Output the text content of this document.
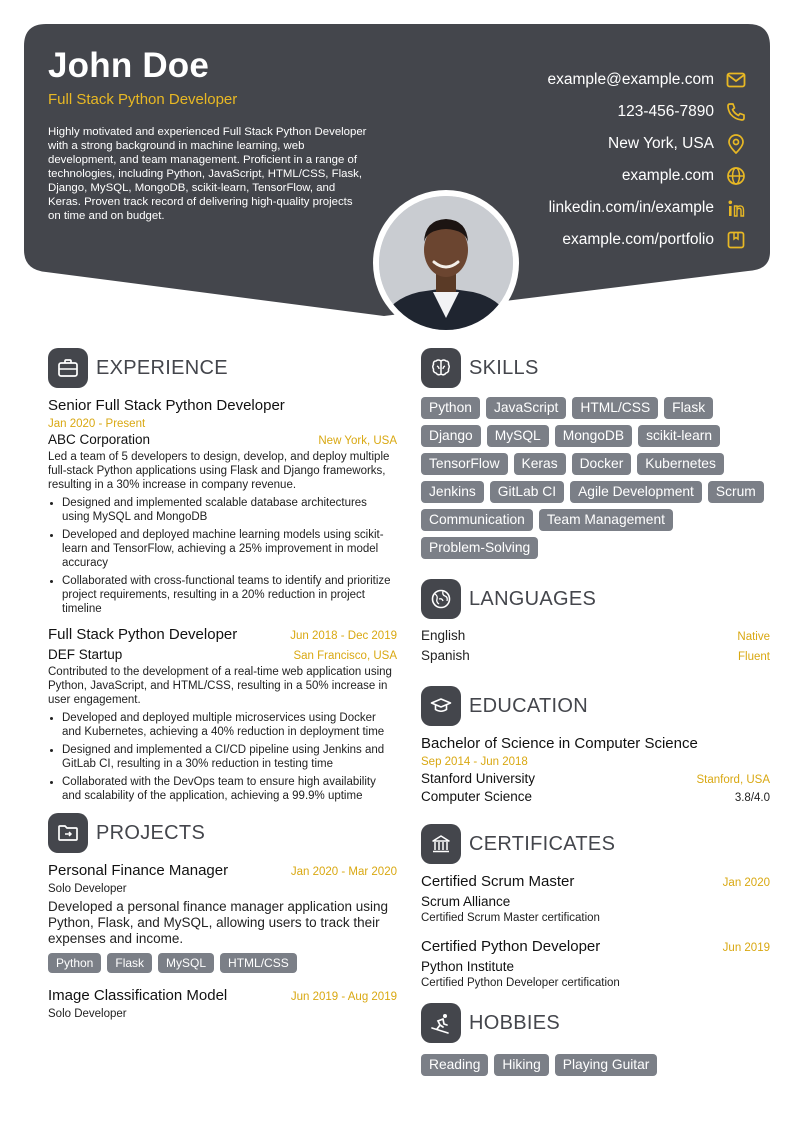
John Doe
Full Stack Python Developer
Highly motivated and experienced Full Stack Python Developer with a strong background in machine learning, web development, and team management. Proficient in a range of technologies, including Python, JavaScript, HTML/CSS, Flask, Django, MySQL, MongoDB, scikit-learn, TensorFlow, and Keras. Proven track record of delivering high-quality projects on time and on budget.
example@example.com
123-456-7890
New York, USA
example.com
linkedin.com/in/example
example.com/portfolio
EXPERIENCE
Senior Full Stack Python Developer
Jan 2020 - Present
ABC Corporation	New York, USA
Led a team of 5 developers to design, develop, and deploy multiple full-stack Python applications using Flask and Django frameworks, resulting in a 30% increase in company revenue.
Designed and implemented scalable database architectures using MySQL and MongoDB
Developed and deployed machine learning models using scikit-learn and TensorFlow, achieving a 25% improvement in model accuracy
Collaborated with cross-functional teams to identify and prioritize project requirements, resulting in a 20% reduction in project timeline
Full Stack Python Developer	Jun 2018 - Dec 2019
DEF Startup	San Francisco, USA
Contributed to the development of a real-time web application using Python, JavaScript, and HTML/CSS, resulting in a 50% increase in user engagement.
Developed and deployed multiple microservices using Docker and Kubernetes, achieving a 40% reduction in deployment time
Designed and implemented a CI/CD pipeline using Jenkins and GitLab CI, resulting in a 30% reduction in testing time
Collaborated with the DevOps team to ensure high availability and scalability of the application, achieving a 99.9% uptime
PROJECTS
Personal Finance Manager	Jan 2020 - Mar 2020
Solo Developer
Developed a personal finance manager application using Python, Flask, and MySQL, allowing users to track their expenses and income.
Python	Flask	MySQL	HTML/CSS
Image Classification Model	Jun 2019 - Aug 2019
Solo Developer
SKILLS
Python	JavaScript	HTML/CSS	Flask
Django	MySQL	MongoDB	scikit-learn
TensorFlow	Keras	Docker	Kubernetes
Jenkins	GitLab CI	Agile Development	Scrum
Communication	Team Management
Problem-Solving
LANGUAGES
English	Native
Spanish	Fluent
EDUCATION
Bachelor of Science in Computer Science
Sep 2014 - Jun 2018
Stanford University	Stanford, USA
Computer Science	3.8/4.0
CERTIFICATES
Certified Scrum Master	Jan 2020
Scrum Alliance
Certified Scrum Master certification
Certified Python Developer	Jun 2019
Python Institute
Certified Python Developer certification
HOBBIES
Reading	Hiking	Playing Guitar
